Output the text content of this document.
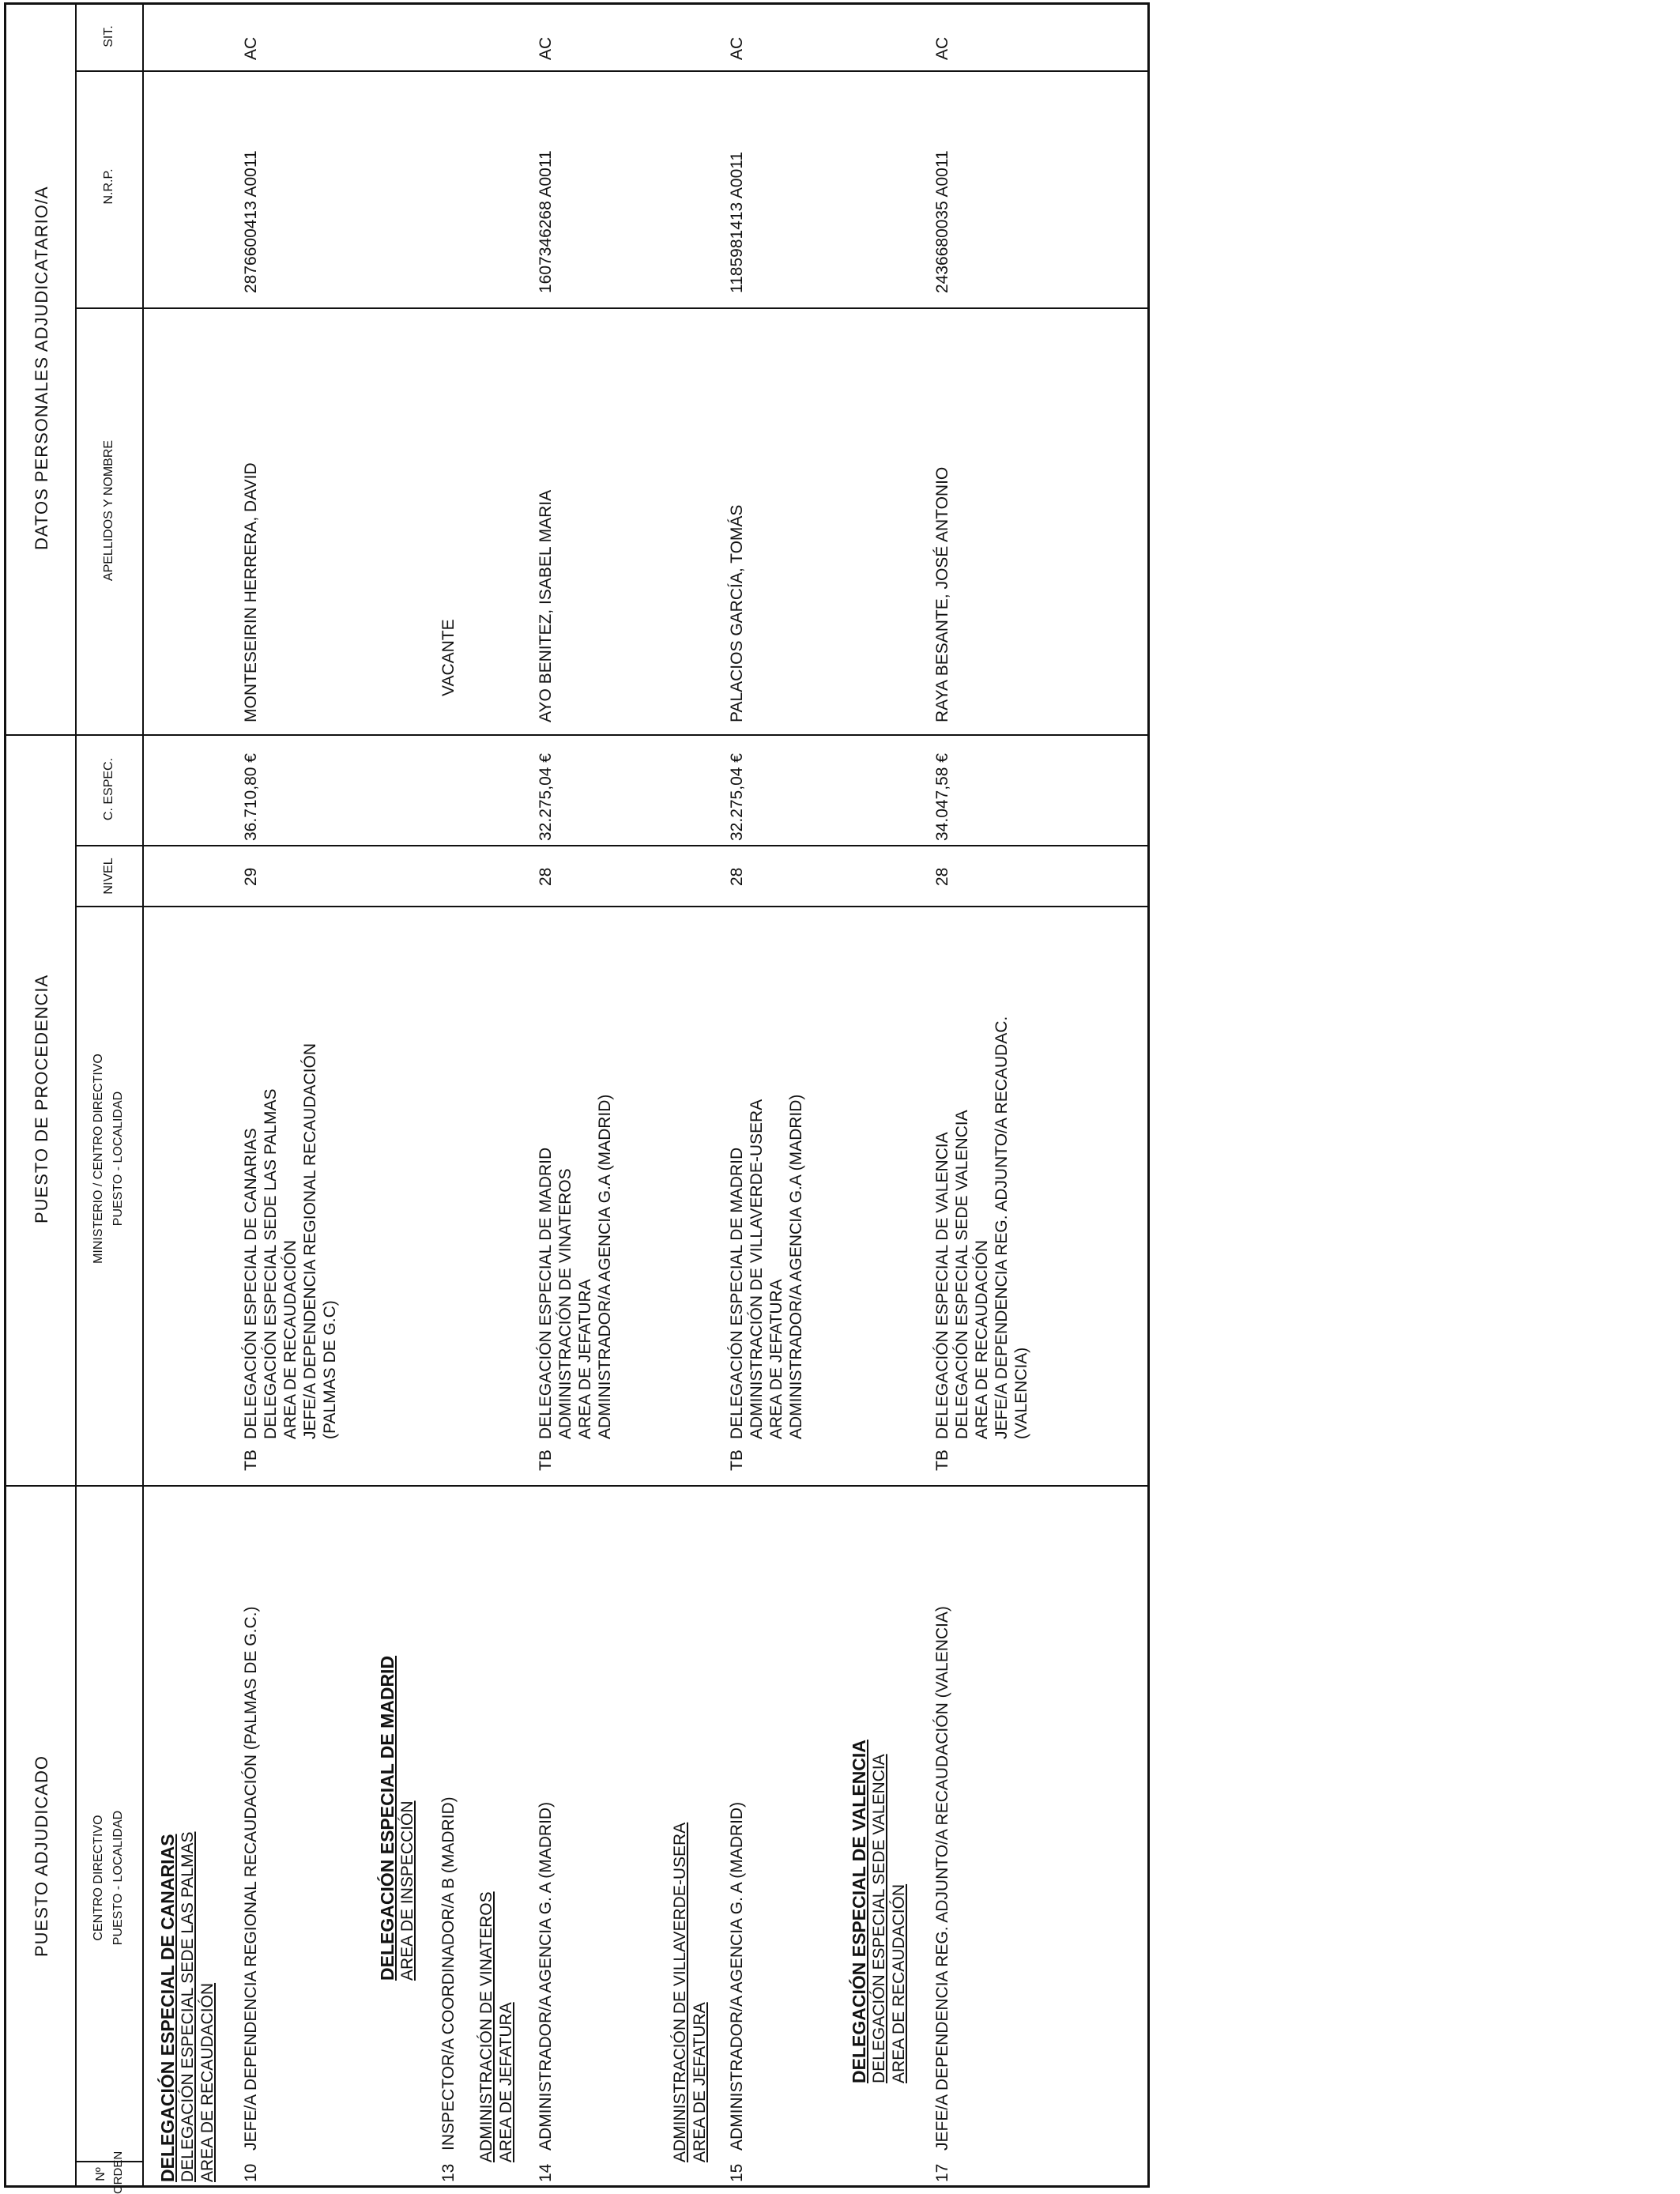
PUESTO ADJUDICADO
PUESTO DE PROCEDENCIA
DATOS PERSONALES ADJUDICATARIO/A
Nº ORDEN
CENTRO DIRECTIVO PUESTO - LOCALIDAD
MINISTERIO / CENTRO DIRECTIVO PUESTO - LOCALIDAD
NIVEL
C. ESPEC.
APELLIDOS Y NOMBRE
N.R.P.
SIT.
DELEGACIÓN ESPECIAL DE CANARIAS DELEGACIÓN ESPECIAL SEDE LAS PALMAS AREA DE RECAUDACIÓN 10
JEFE/A DEPENDENCIA REGIONAL RECAUDACIÓN (PALMAS DE G.C.)
TB
DELEGACIÓN ESPECIAL DE CANARIAS DELEGACIÓN ESPECIAL SEDE LAS PALMAS AREA DE RECAUDACIÓN JEFE/A DEPENDENCIA REGIONAL RECAUDACIÓN (PALMAS DE G.C)
29
36.710,80 €
MONTESEIRIN HERRERA, DAVID
2876600413 A0011
AC
DELEGACIÓN ESPECIAL DE MADRID AREA DE INSPECCIÓN
13
INSPECTOR/A COORDINADOR/A B (MADRID)
VACANTE
ADMINISTRACIÓN DE VINATEROS AREA DE JEFATURA
14
ADMINISTRADOR/A AGENCIA G. A (MADRID)
TB
DELEGACIÓN ESPECIAL DE MADRID ADMINISTRACIÓN DE VINATEROS AREA DE JEFATURA ADMINISTRADOR/A AGENCIA G.A (MADRID)
28
32.275,04 €
AYO BENITEZ, ISABEL MARIA
1607346268 A0011
AC
ADMINISTRACIÓN DE VILLAVERDE-USERA AREA DE JEFATURA
15
ADMINISTRADOR/A AGENCIA G. A (MADRID)
TB
DELEGACIÓN ESPECIAL DE MADRID ADMINISTRACIÓN DE VILLAVERDE-USERA AREA DE JEFATURA ADMINISTRADOR/A AGENCIA G.A (MADRID)
28
32.275,04 €
PALACIOS GARCÍA, TOMÁS
1185981413 A0011
AC
DELEGACIÓN ESPECIAL DE VALENCIA DELEGACIÓN ESPECIAL SEDE VALENCIA AREA DE RECAUDACIÓN
17
JEFE/A DEPENDENCIA REG. ADJUNTO/A RECAUDACIÓN (VALENCIA)
TB
DELEGACIÓN ESPECIAL DE VALENCIA DELEGACIÓN ESPECIAL SEDE VALENCIA AREA DE RECAUDACIÓN JEFE/A DEPENDENCIA REG. ADJUNTO/A RECAUDAC. (VALENCIA)
28
34.047,58 €
RAYA BESANTE, JOSÉ ANTONIO
2436680035 A0011
AC
